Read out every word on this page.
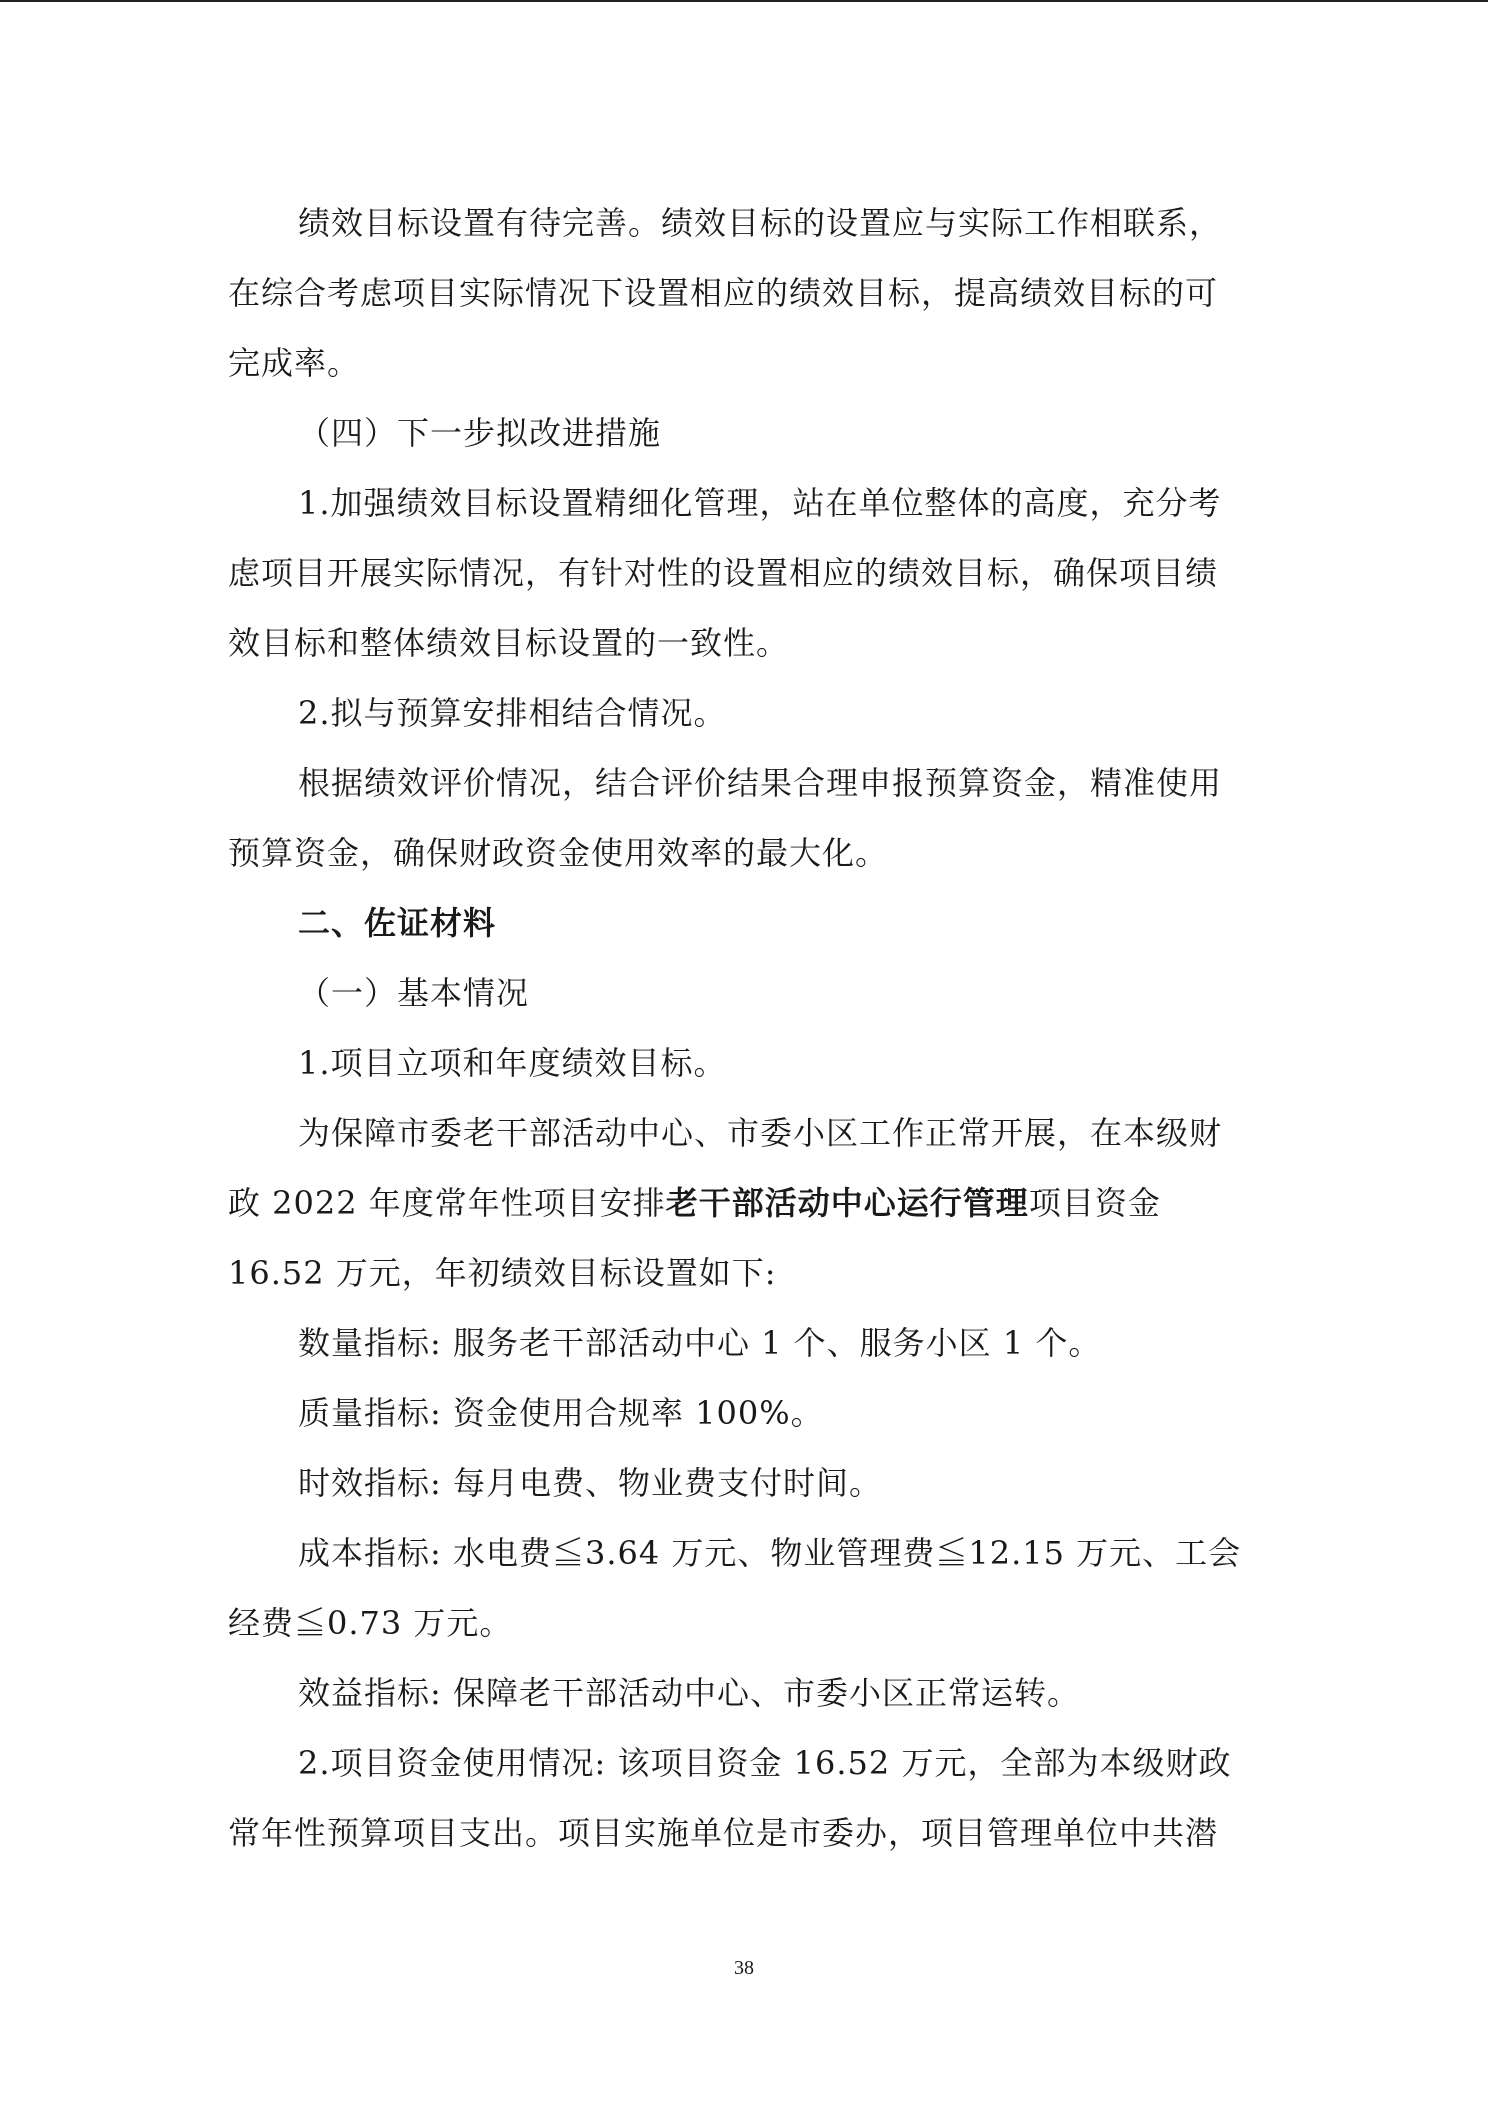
绩效目标设置有待完善。绩效目标的设置应与实际工作相联系，

在综合考虑项目实际情况下设置相应的绩效目标，提高绩效目标的可

完成率。

（四）下一步拟改进措施

1.加强绩效目标设置精细化管理，站在单位整体的高度，充分考

虑项目开展实际情况，有针对性的设置相应的绩效目标，确保项目绩

效目标和整体绩效目标设置的一致性。

2.拟与预算安排相结合情况。

根据绩效评价情况，结合评价结果合理申报预算资金，精准使用

预算资金，确保财政资金使用效率的最大化。

二、佐证材料

（一）基本情况

1.项目立项和年度绩效目标。

为保障市委老干部活动中心、市委小区工作正常开展，在本级财

政 2022 年度常年性项目安排老干部活动中心运行管理项目资金

16.52 万元，年初绩效目标设置如下:

数量指标: 服务老干部活动中心 1 个、服务小区 1 个。

质量指标: 资金使用合规率 100%。

时效指标: 每月电费、物业费支付时间。

成本指标: 水电费≦3.64 万元、物业管理费≦12.15 万元、工会

经费≦0.73 万元。

效益指标: 保障老干部活动中心、市委小区正常运转。

2.项目资金使用情况: 该项目资金 16.52 万元，全部为本级财政

常年性预算项目支出。项目实施单位是市委办，项目管理单位中共潜

38
